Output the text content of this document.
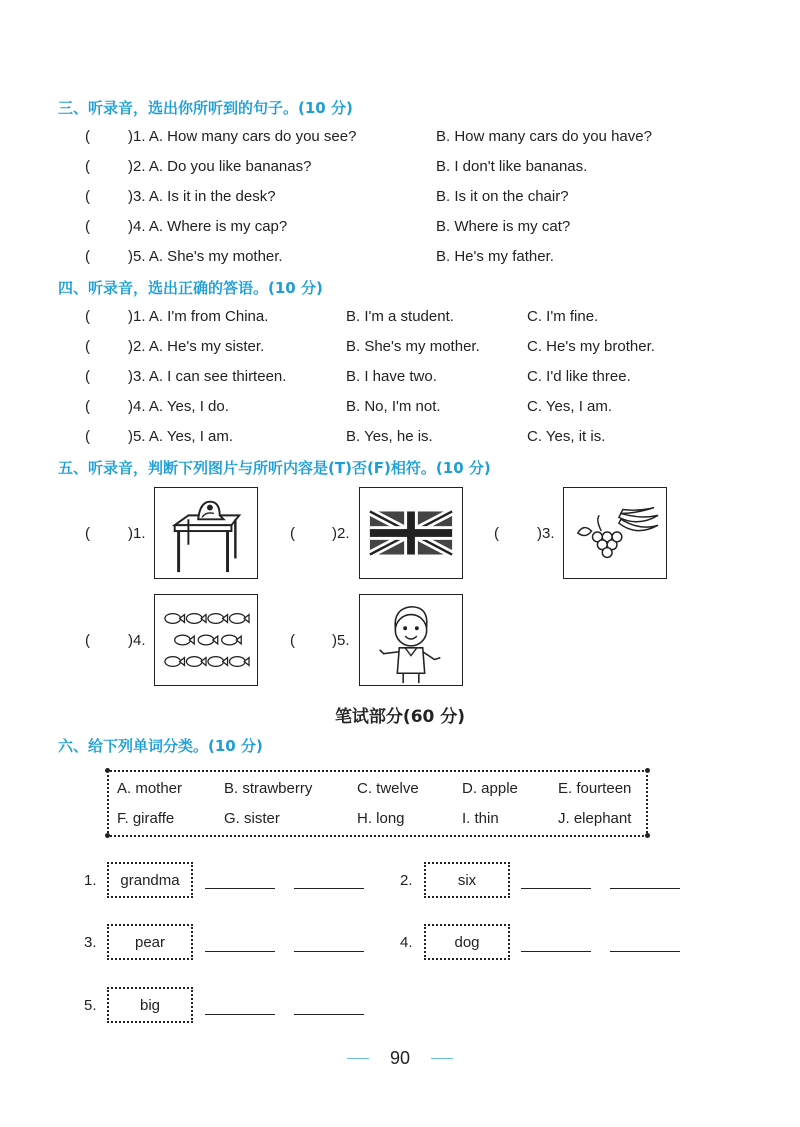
三、听录音，选出你所听到的句子。(10 分)
(	)1. A. How many cars do you see?	B. How many cars do you have?
(	)2. A. Do you like bananas?	B. I don't like bananas.
(	)3. A. Is it in the desk?	B. Is it on the chair?
(	)4. A. Where is my cap?	B. Where is my cat?
(	)5. A. She's my mother.	B. He's my father.
四、听录音，选出正确的答语。(10 分)
(	)1. A. I'm from China.	B. I'm a student.	C. I'm fine.
(	)2. A. He's my sister.	B. She's my mother.	C. He's my brother.
(	)3. A. I can see thirteen.	B. I have two.	C. I'd like three.
(	)4. A. Yes, I do.	B. No, I'm not.	C. Yes, I am.
(	)5. A. Yes, I am.	B. Yes, he is.	C. Yes, it is.
五、听录音，判断下列图片与所听内容是(T)否(F)相符。(10 分)
(	)1.	( )2.	(	)3.
(	)4.	( )5.
笔试部分(60 分)
六、给下列单词分类。(10 分)
A. mother	B. strawberry	C. twelve	D. apple	E. fourteen
F. giraffe	G. sister	H. long	I. thin	J. elephant
1.	grandma	2.	six
3.	pear	4.	dog
5.	big
90
